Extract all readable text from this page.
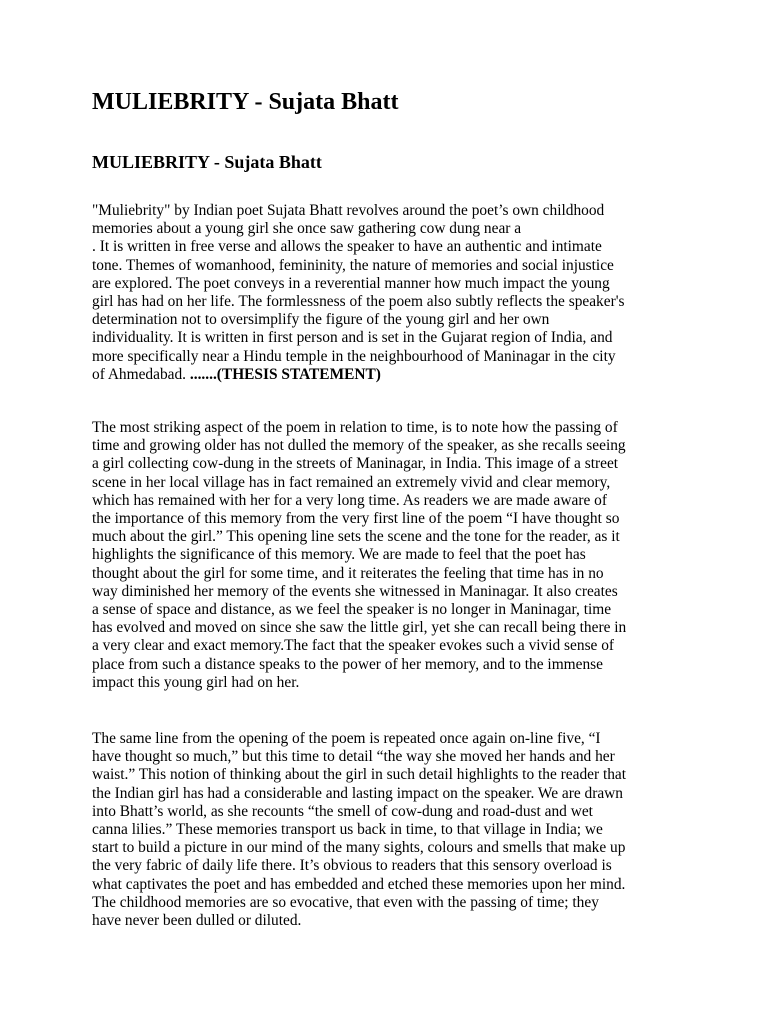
MULIEBRITY - Sujata Bhatt
MULIEBRITY - Sujata Bhatt

"Muliebrity" by Indian poet Sujata Bhatt revolves around the poet’s own childhood
memories about a young girl she once saw gathering cow dung near a
. It is written in free verse and allows the speaker to have an authentic and intimate
tone. Themes of womanhood, femininity, the nature of memories and social injustice
are explored. The poet conveys in a reverential manner how much impact the young
girl has had on her life. The formlessness of the poem also subtly reflects the speaker's
determination not to oversimplify the figure of the young girl and her own
individuality. It is written in first person and is set in the Gujarat region of India, and
more specifically near a Hindu temple in the neighbourhood of Maninagar in the city
of Ahmedabad. .......(THESIS STATEMENT)

The most striking aspect of the poem in relation to time, is to note how the passing of
time and growing older has not dulled the memory of the speaker, as she recalls seeing
a girl collecting cow-dung in the streets of Maninagar, in India. This image of a street
scene in her local village has in fact remained an extremely vivid and clear memory,
which has remained with her for a very long time. As readers we are made aware of
the importance of this memory from the very first line of the poem “I have thought so
much about the girl.” This opening line sets the scene and the tone for the reader, as it
highlights the significance of this memory. We are made to feel that the poet has
thought about the girl for some time, and it reiterates the feeling that time has in no
way diminished her memory of the events she witnessed in Maninagar. It also creates
a sense of space and distance, as we feel the speaker is no longer in Maninagar, time
has evolved and moved on since she saw the little girl, yet she can recall being there in
a very clear and exact memory.The fact that the speaker evokes such a vivid sense of
place from such a distance speaks to the power of her memory, and to the immense
impact this young girl had on her.

The same line from the opening of the poem is repeated once again on-line five, “I
have thought so much,” but this time to detail “the way she moved her hands and her
waist.” This notion of thinking about the girl in such detail highlights to the reader that
the Indian girl has had a considerable and lasting impact on the speaker. We are drawn
into Bhatt’s world, as she recounts “the smell of cow-dung and road-dust and wet
canna lilies.” These memories transport us back in time, to that village in India; we
start to build a picture in our mind of the many sights, colours and smells that make up
the very fabric of daily life there. It’s obvious to readers that this sensory overload is
what captivates the poet and has embedded and etched these memories upon her mind.
The childhood memories are so evocative, that even with the passing of time; they
have never been dulled or diluted.
